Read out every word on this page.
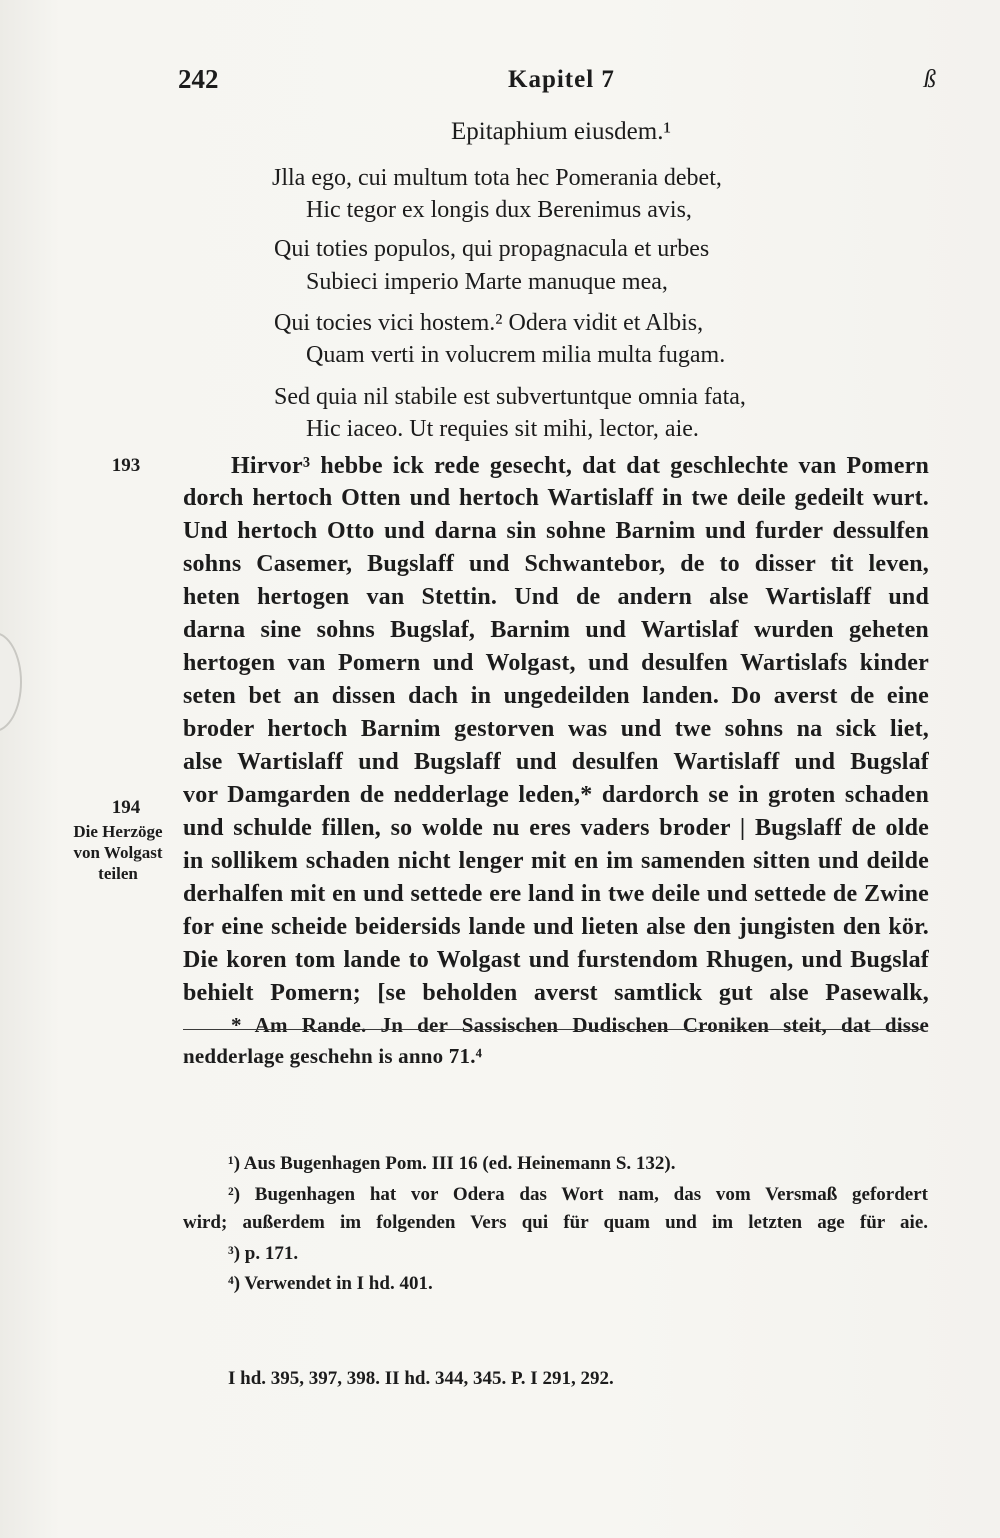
242	Kapitel 7	ß
Epitaphium eiusdem.¹
Jlla ego, cui multum tota hec Pomerania debet,
Hic tegor ex longis dux Berenimus avis,
Qui toties populos, qui propagnacula et urbes
Subieci imperio Marte manuque mea,
Qui tocies vici hostem.² Odera vidit et Albis,
Quam verti in volucrem milia multa fugam.
Sed quia nil stabile est subvertuntque omnia fata,
Hic iaceo. Ut requies sit mihi, lector, aie.
193
194
Die Herzöge
von Wolgast
teilen
Hirvor³ hebbe ick rede gesecht, dat dat geschlechte van Pomern
dorch hertoch Otten und hertoch Wartislaff in twe deile gedeilt wurt.
Und hertoch Otto und darna sin sohne Barnim und furder dessulfen
sohns Casemer, Bugslaff und Schwantebor, de to disser tit leven,
heten hertogen van Stettin. Und de andern alse Wartislaff und
darna sine sohns Bugslaf, Barnim und Wartislaf wurden geheten
hertogen van Pomern und Wolgast, und desulfen Wartislafs kinder
seten bet an dissen dach in ungedeilden landen. Do averst de eine
broder hertoch Barnim gestorven was und twe sohns na sick liet,
alse Wartislaff und Bugslaff und desulfen Wartislaff und Bugslaf
vor Damgarden de nedderlage leden,* dardorch se in groten schaden
und schulde fillen, so wolde nu eres vaders broder | Bugslaff de olde
in sollikem schaden nicht lenger mit en im samenden sitten und deilde
derhalfen mit en und settede ere land in twe deile und settede de Zwine
for eine scheide beidersids lande und lieten alse den jungisten den kör.
Die koren tom lande to Wolgast und furstendom Rhugen, und Bugslaf
behielt Pomern; [se beholden averst samtlick gut alse Pasewalk,
* Am Rande. Jn der Sassischen Dudischen Croniken steit, dat disse
nedderlage geschehn is anno 71.⁴
¹) Aus Bugenhagen Pom. III 16 (ed. Heinemann S. 132).
²) Bugenhagen hat vor Odera das Wort nam, das vom Versmaß gefordert
wird; außerdem im folgenden Vers qui für quam und im letzten age für aie.
³) p. 171.
⁴) Verwendet in I hd. 401.
I hd. 395, 397, 398. II hd. 344, 345. P. I 291, 292.
